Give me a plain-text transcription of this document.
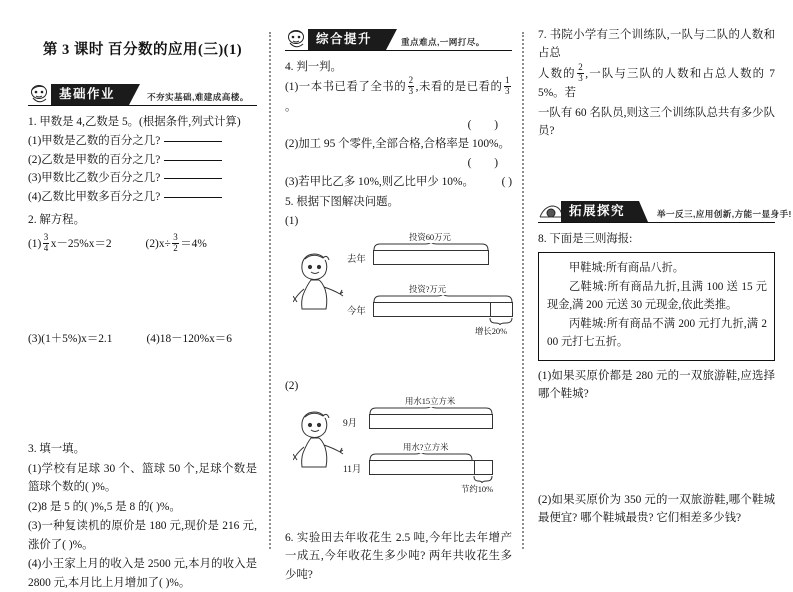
第 3 课时 百分数的应用(三)(1)
基础作业	不夯实基础,难建成高楼。
1. 甲数是 4,乙数是 5。(根据条件,列式计算)
(1)甲数是乙数的百分之几?
(2)乙数是甲数的百分之几?
(3)甲数比乙数少百分之几?
(4)乙数比甲数多百分之几?
2. 解方程。
$(1) \frac{3}{4} x-25\%x=2$	$(2)x\div \frac{3}{2} =4\%$
(3)(1＋5%)x＝2.1	(4)18－120%x＝6
3. 填一填。
(1)学校有足球 30 个、篮球 50 个,足球个数是篮球个数的( )%。
(2)8 是 5 的( )%,5 是 8 的( )%。
(3)一种复读机的原价是 180 元,现价是 216 元,涨价了( )%。
(4)小王家上月的收入是 2500 元,本月的收入是 2800 元,本月比上月增加了( )%。
综合提升	重点难点,一网打尽。
4. 判一判。
(1)一本书已看了全书的 $\frac{2}{3}$ ,未看的是已看的 $\frac{1}{3}$
。
( )
(2)加工 95 个零件,全部合格,合格率是 100%。
( )
(3)若甲比乙多 10%,则乙比甲少 10%。 ( )
5. 根据下图解决问题。
(1)
投资60万元
去年
投资?万元
今年
增长20%
(2)
用水15立方米
9月
用水?立方米
11月
节约10%
6. 实验田去年收花生 2.5 吨,今年比去年增产一成五,今年收花生多少吨? 两年共收花生多少吨?
7. 书院小学有三个训练队,一队与二队的人数和占总
人数的 $\frac{2}{3}$ ,一队与三队的人数和占总人数的 75%。若
一队有 60 名队员,则这三个训练队总共有多少队员?
拓展探究	举一反三,应用创新,方能一显身手!
8. 下面是三则海报:

甲鞋城:所有商品八折。

乙鞋城:所有商品九折,且满 100 送 15 元现金,满 200 元送 30 元现金,依此类推。

丙鞋城:所有商品不满 200 元打九折,满 200 元打七五折。

(1)如果买原价都是 280 元的一双旅游鞋,应选择哪个鞋城?
(2)如果买原价为 350 元的一双旅游鞋,哪个鞋城最便宜? 哪个鞋城最贵? 它们相差多少钱?
